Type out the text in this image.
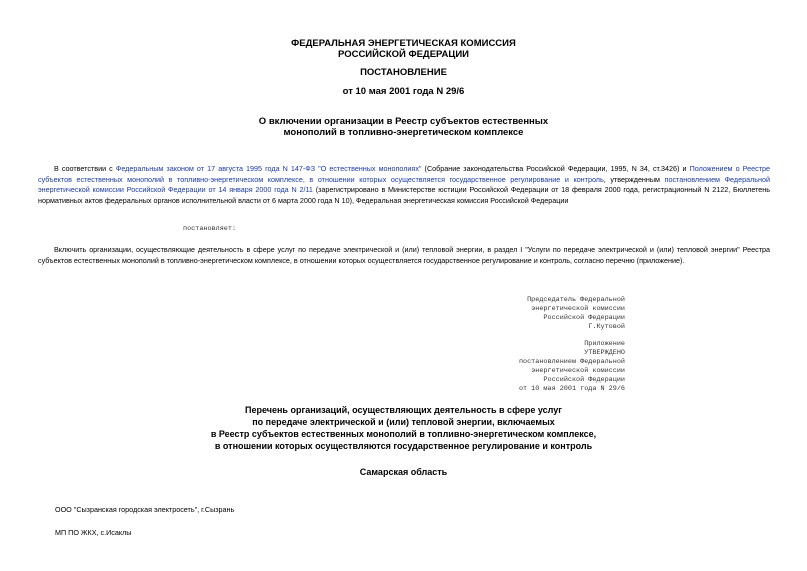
ФЕДЕРАЛЬНАЯ ЭНЕРГЕТИЧЕСКАЯ КОМИССИЯ
РОССИЙСКОЙ ФЕДЕРАЦИИ
ПОСТАНОВЛЕНИЕ
от 10 мая 2001 года N 29/6
О включении организации в Реестр субъектов естественных
монополий в топливно-энергетическом комплексе
В соответствии с Федеральным законом от 17 августа 1995 года N 147-ФЗ "О естественных монополиях" (Собрание законодательства Российской Федерации, 1995, N 34, ст.3426) и Положением о Реестре субъектов естественных монополий в топливно-энергетическом комплексе, в отношении которых осуществляется государственное регулирование и контроль, утвержденным постановлением Федеральной энергетической комиссии Российской Федерации от 14 января 2000 года N 2/11 (зарегистрировано в Министерстве юстиции Российской Федерации от 18 февраля 2000 года, регистрационный N 2122, Бюллетень нормативных актов федеральных органов исполнительной власти от 6 марта 2000 года N 10), Федеральная энергетическая комиссия Российской Федерации
постановляет:
Включить организации, осуществляющие деятельность в сфере услуг по передаче электрической и (или) тепловой энергии, в раздел I "Услуги по передаче электрической и (или) тепловой энергии" Реестра субъектов естественных монополий в топливно-энергетическом комплексе, в отношении которых осуществляется государственное регулирование и контроль, согласно перечню (приложение).
Председатель Федеральной
энергетической комиссии
Российской Федерации
Г.Кутовой
Приложение
УТВЕРЖДЕНО
постановлением Федеральной
энергетической комиссии
Российской Федерации
от 10 мая 2001 года N 29/6
Перечень организаций, осуществляющих деятельность в сфере услуг
по передаче электрической и (или) тепловой энергии, включаемых
в Реестр субъектов естественных монополий в топливно-энергетическом комплексе,
в отношении которых осуществляются государственное регулирование и контроль
Самарская область
ООО "Сызранская городская электросеть", г.Сызрань
МП ПО ЖКХ, с.Исаклы
